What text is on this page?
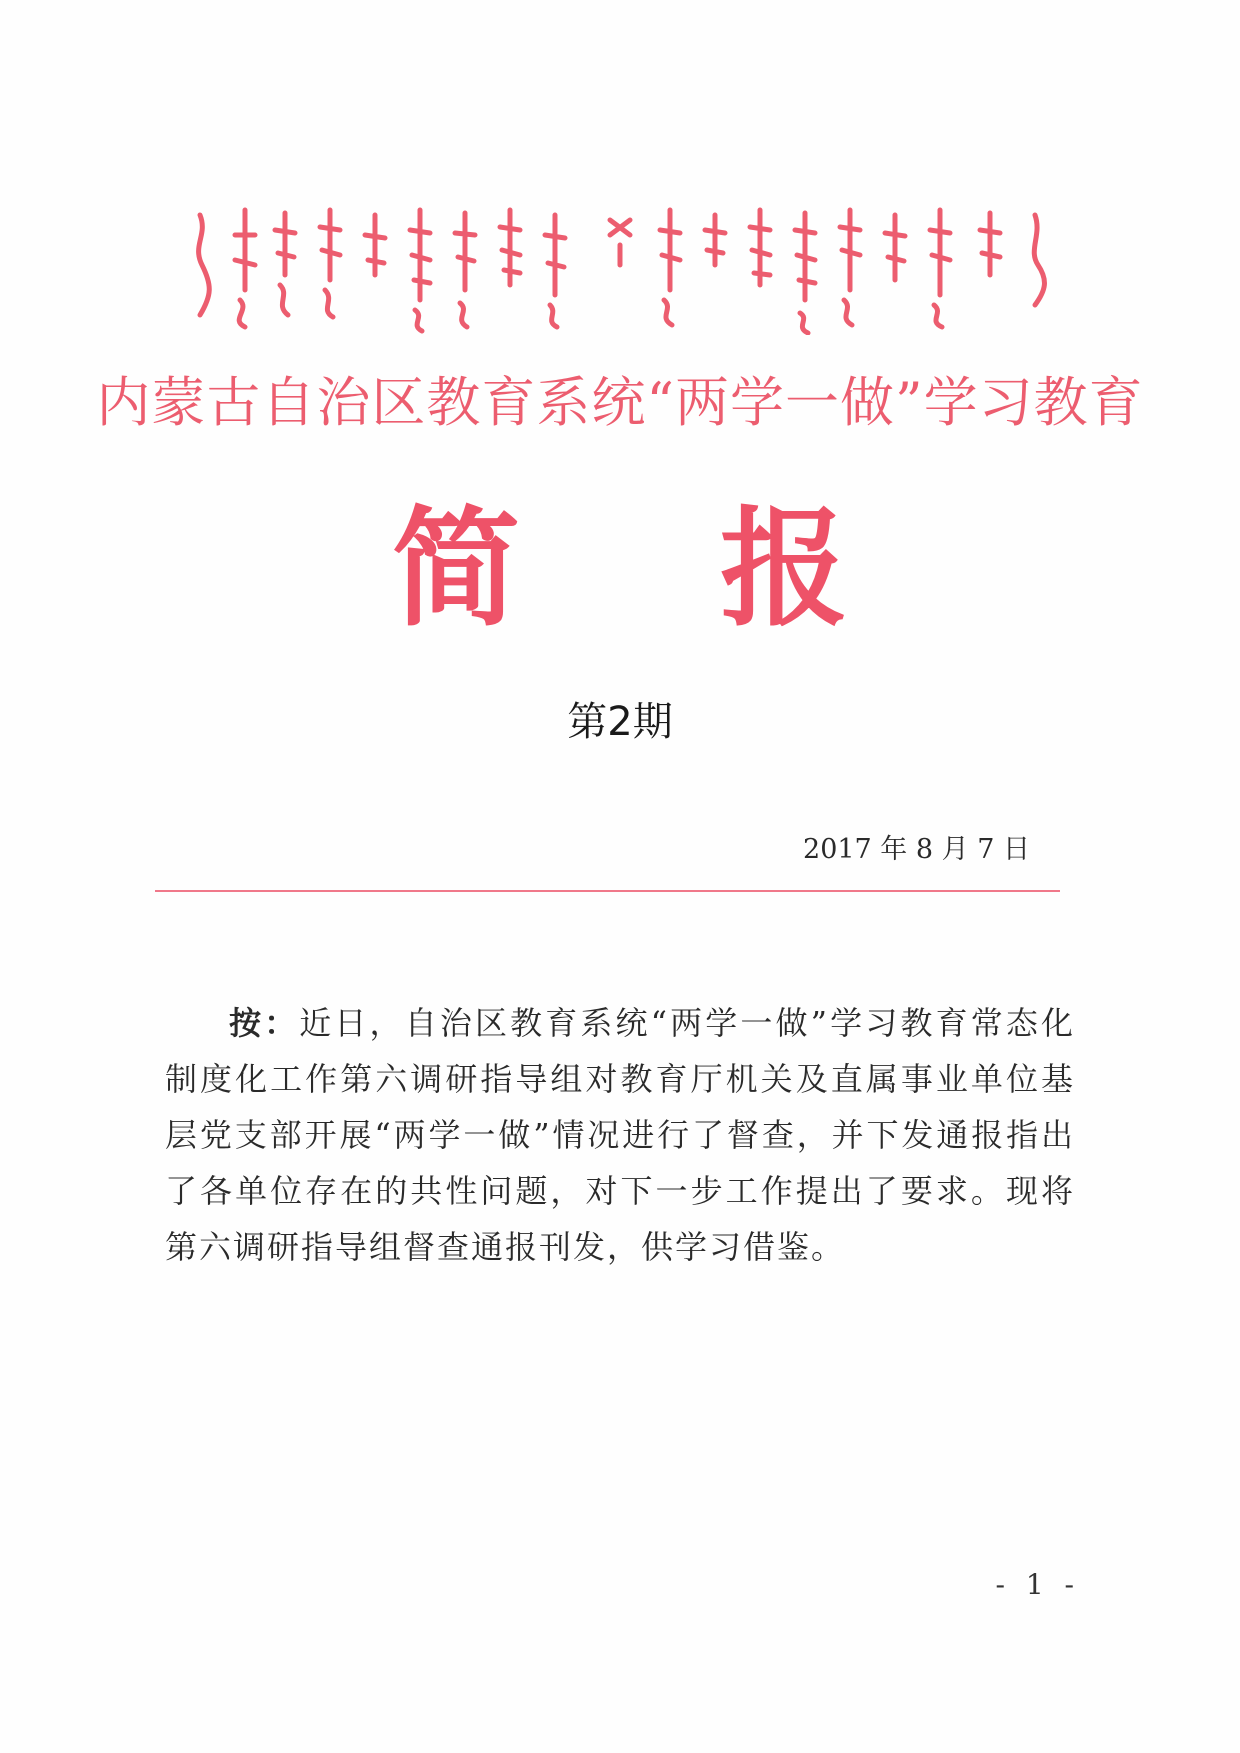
内蒙古自治区教育系统“两学一做”学习教育
简报
第2期
2017 年 8 月 7 日
按：近日，自治区教育系统“两学一做”学习教育常态化制度化工作第六调研指导组对教育厅机关及直属事业单位基层党支部开展“两学一做”情况进行了督查，并下发通报指出了各单位存在的共性问题，对下一步工作提出了要求。现将第六调研指导组督查通报刊发，供学习借鉴。
- 1 -
